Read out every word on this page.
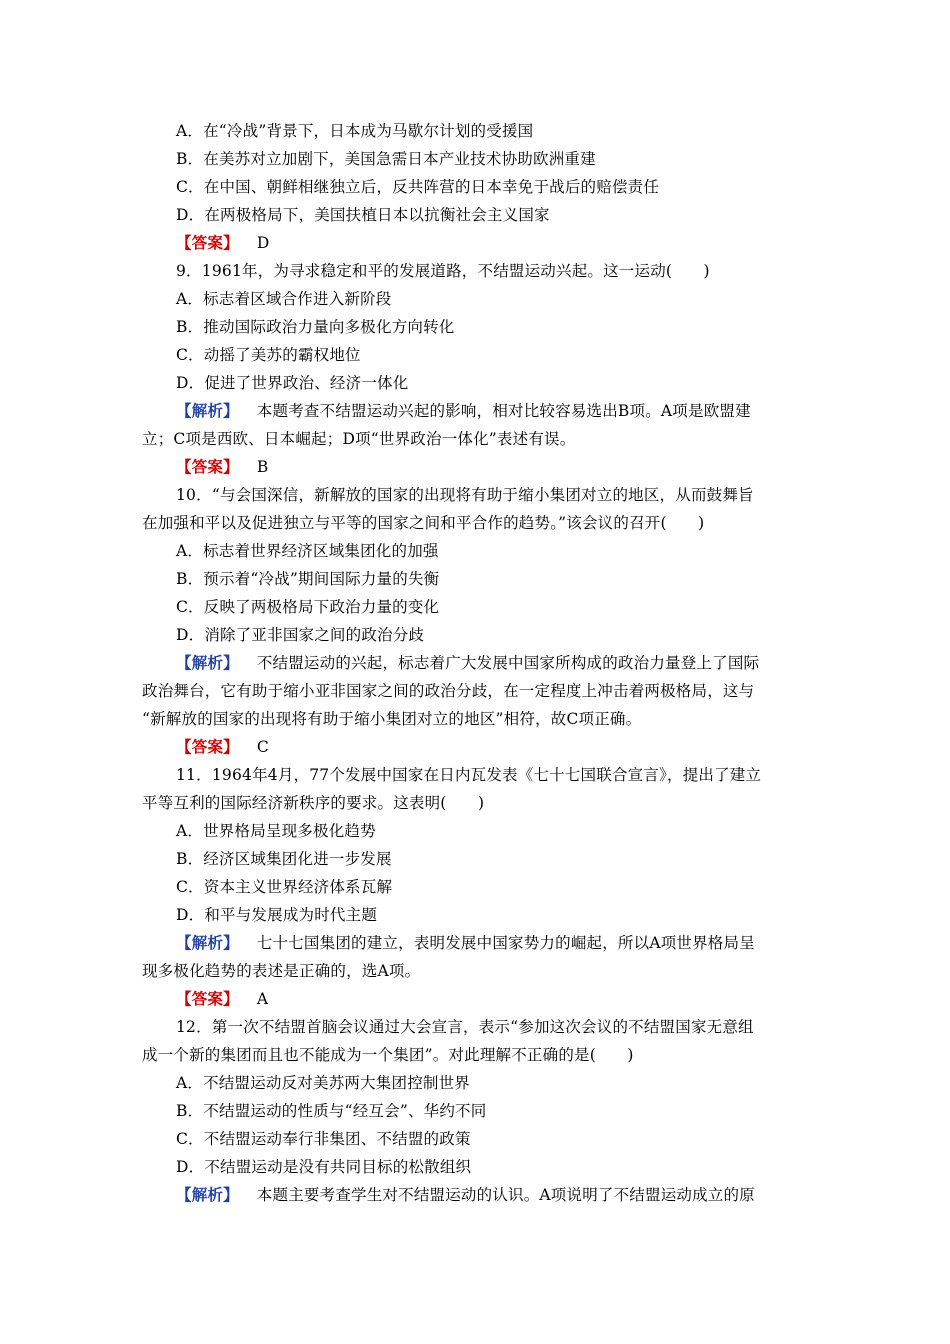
A．在“冷战”背景下，日本成为马歇尔计划的受援国
B．在美苏对立加剧下，美国急需日本产业技术协助欧洲重建
C．在中国、朝鲜相继独立后，反共阵营的日本幸免于战后的赔偿责任
D．在两极格局下，美国扶植日本以抗衡社会主义国家
【答案】 D
9．1961年，为寻求稳定和平的发展道路，不结盟运动兴起。这一运动(　　)
A．标志着区域合作进入新阶段
B．推动国际政治力量向多极化方向转化
C．动摇了美苏的霸权地位
D．促进了世界政治、经济一体化
【解析】 本题考查不结盟运动兴起的影响，相对比较容易选出B项。A项是欧盟建
立；C项是西欧、日本崛起；D项“世界政治一体化”表述有误。
【答案】 B
10．“与会国深信，新解放的国家的出现将有助于缩小集团对立的地区，从而鼓舞旨
在加强和平以及促进独立与平等的国家之间和平合作的趋势。”该会议的召开(　　)
A．标志着世界经济区域集团化的加强
B．预示着“冷战”期间国际力量的失衡
C．反映了两极格局下政治力量的变化
D．消除了亚非国家之间的政治分歧
【解析】 不结盟运动的兴起，标志着广大发展中国家所构成的政治力量登上了国际
政治舞台，它有助于缩小亚非国家之间的政治分歧，在一定程度上冲击着两极格局，这与
“新解放的国家的出现将有助于缩小集团对立的地区”相符，故C项正确。
【答案】 C
11．1964年4月，77个发展中国家在日内瓦发表《七十七国联合宣言》，提出了建立
平等互利的国际经济新秩序的要求。这表明(　　)
A．世界格局呈现多极化趋势
B．经济区域集团化进一步发展
C．资本主义世界经济体系瓦解
D．和平与发展成为时代主题
【解析】 七十七国集团的建立，表明发展中国家势力的崛起，所以A项世界格局呈
现多极化趋势的表述是正确的，选A项。
【答案】 A
12．第一次不结盟首脑会议通过大会宣言，表示“参加这次会议的不结盟国家无意组
成一个新的集团而且也不能成为一个集团”。对此理解不正确的是(　　)
A．不结盟运动反对美苏两大集团控制世界
B．不结盟运动的性质与“经互会”、华约不同
C．不结盟运动奉行非集团、不结盟的政策
D．不结盟运动是没有共同目标的松散组织
【解析】 本题主要考查学生对不结盟运动的认识。A项说明了不结盟运动成立的原
